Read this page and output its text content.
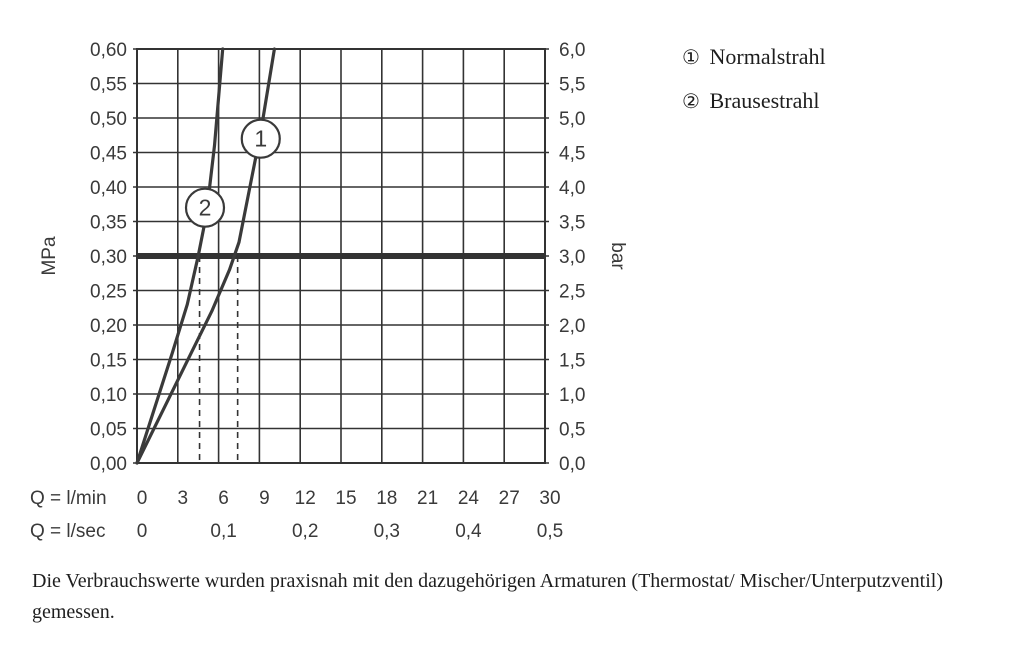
1
2
0,00
0,05
0,10
0,15
0,20
0,25
0,30
0,35
0,40
0,45
0,50
0,55
0,60
0,0
0,5
1,0
1,5
2,0
2,5
3,0
3,5
4,0
4,5
5,0
5,5
6,0
MPa	bar
Q = l/min 0 3 6 9 12 15 18 21 24 27 30
Q = l/sec 0	0,1	0,2	0,3	0,4	0,5
① Normalstrahl
② Brausestrahl
Die Verbrauchswerte wurden praxisnah mit den dazugehörigen Armaturen (Thermostat/ Mischer/Unterputzventil) gemessen.
